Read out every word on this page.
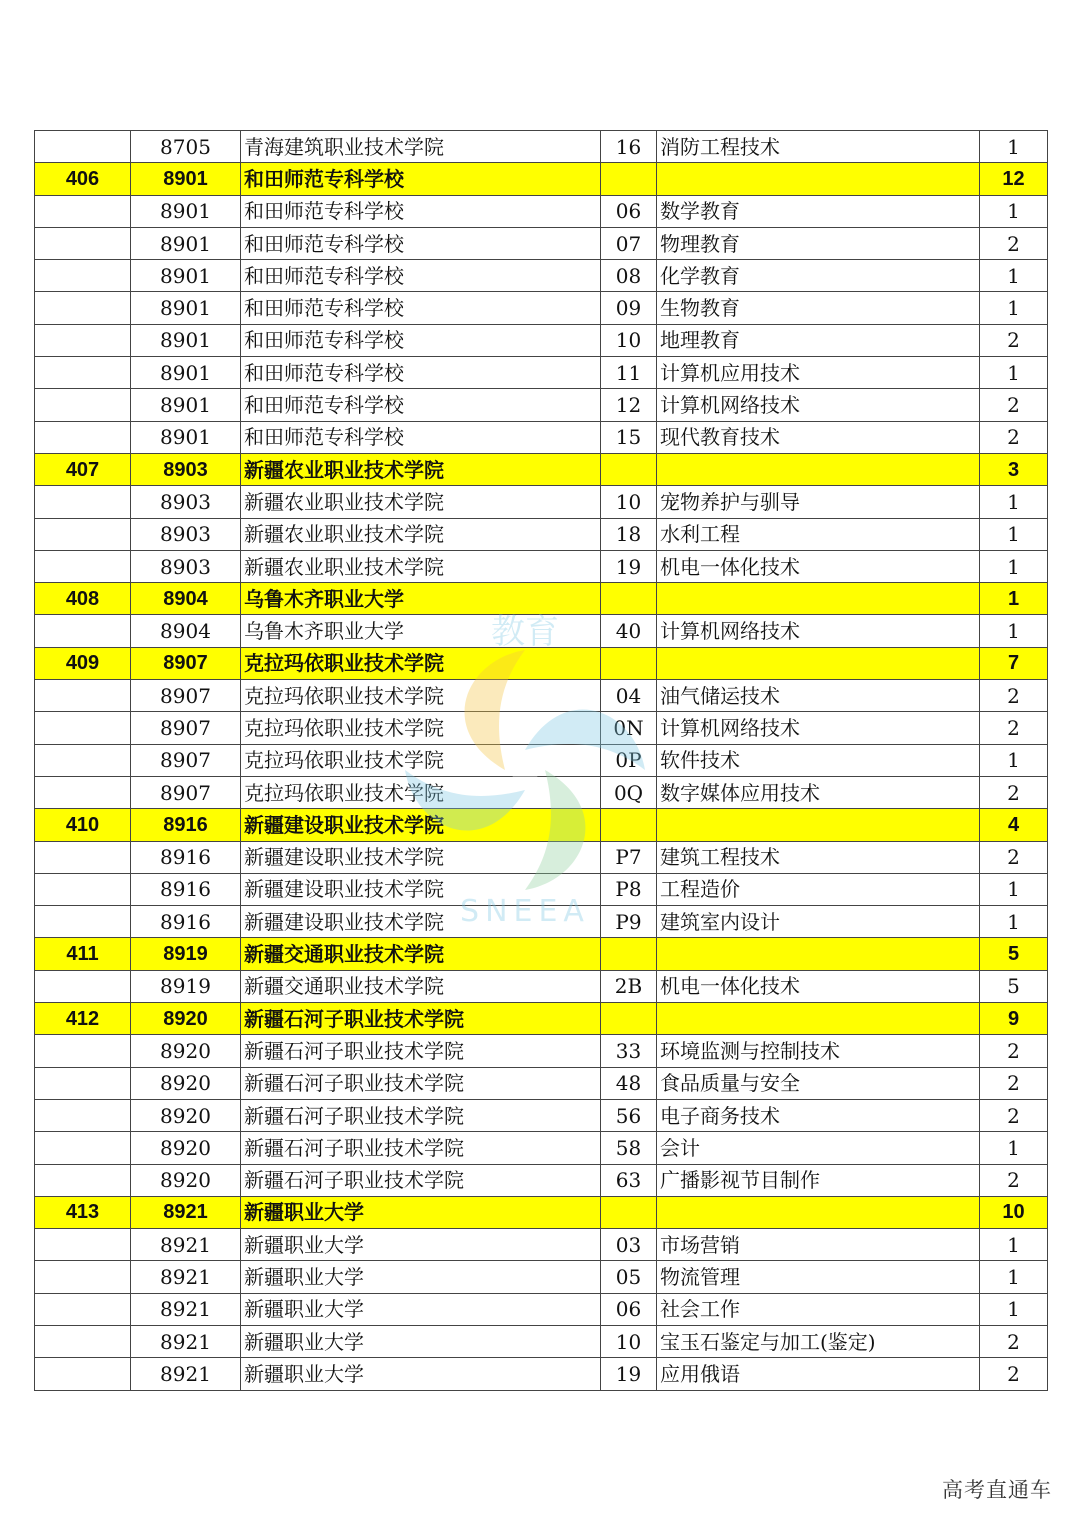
	8705	青海建筑职业技术学院	16	消防工程技术	1
406	8901	和田师范专科学校			12
	8901	和田师范专科学校	06	数学教育	1
	8901	和田师范专科学校	07	物理教育	2
	8901	和田师范专科学校	08	化学教育	1
	8901	和田师范专科学校	09	生物教育	1
	8901	和田师范专科学校	10	地理教育	2
	8901	和田师范专科学校	11	计算机应用技术	1
	8901	和田师范专科学校	12	计算机网络技术	2
	8901	和田师范专科学校	15	现代教育技术	2
407	8903	新疆农业职业技术学院			3
	8903	新疆农业职业技术学院	10	宠物养护与驯导	1
	8903	新疆农业职业技术学院	18	水利工程	1
	8903	新疆农业职业技术学院	19	机电一体化技术	1
408	8904	乌鲁木齐职业大学			1
	8904	乌鲁木齐职业大学	40	计算机网络技术	1
409	8907	克拉玛依职业技术学院			7
	8907	克拉玛依职业技术学院	04	油气储运技术	2
	8907	克拉玛依职业技术学院	0N	计算机网络技术	2
	8907	克拉玛依职业技术学院	0P	软件技术	1
	8907	克拉玛依职业技术学院	0Q	数字媒体应用技术	2
410	8916	新疆建设职业技术学院			4
	8916	新疆建设职业技术学院	P7	建筑工程技术	2
	8916	新疆建设职业技术学院	P8	工程造价	1
	8916	新疆建设职业技术学院	P9	建筑室内设计	1
411	8919	新疆交通职业技术学院			5
	8919	新疆交通职业技术学院	2B	机电一体化技术	5
412	8920	新疆石河子职业技术学院			9
	8920	新疆石河子职业技术学院	33	环境监测与控制技术	2
	8920	新疆石河子职业技术学院	48	食品质量与安全	2
	8920	新疆石河子职业技术学院	56	电子商务技术	2
	8920	新疆石河子职业技术学院	58	会计	1
	8920	新疆石河子职业技术学院	63	广播影视节目制作	2
413	8921	新疆职业大学			10
	8921	新疆职业大学	03	市场营销	1
	8921	新疆职业大学	05	物流管理	1
	8921	新疆职业大学	06	社会工作	1
	8921	新疆职业大学	10	宝玉石鉴定与加工(鉴定)	2
	8921	新疆职业大学	19	应用俄语	2
教育
SNEEA
高考直通车
